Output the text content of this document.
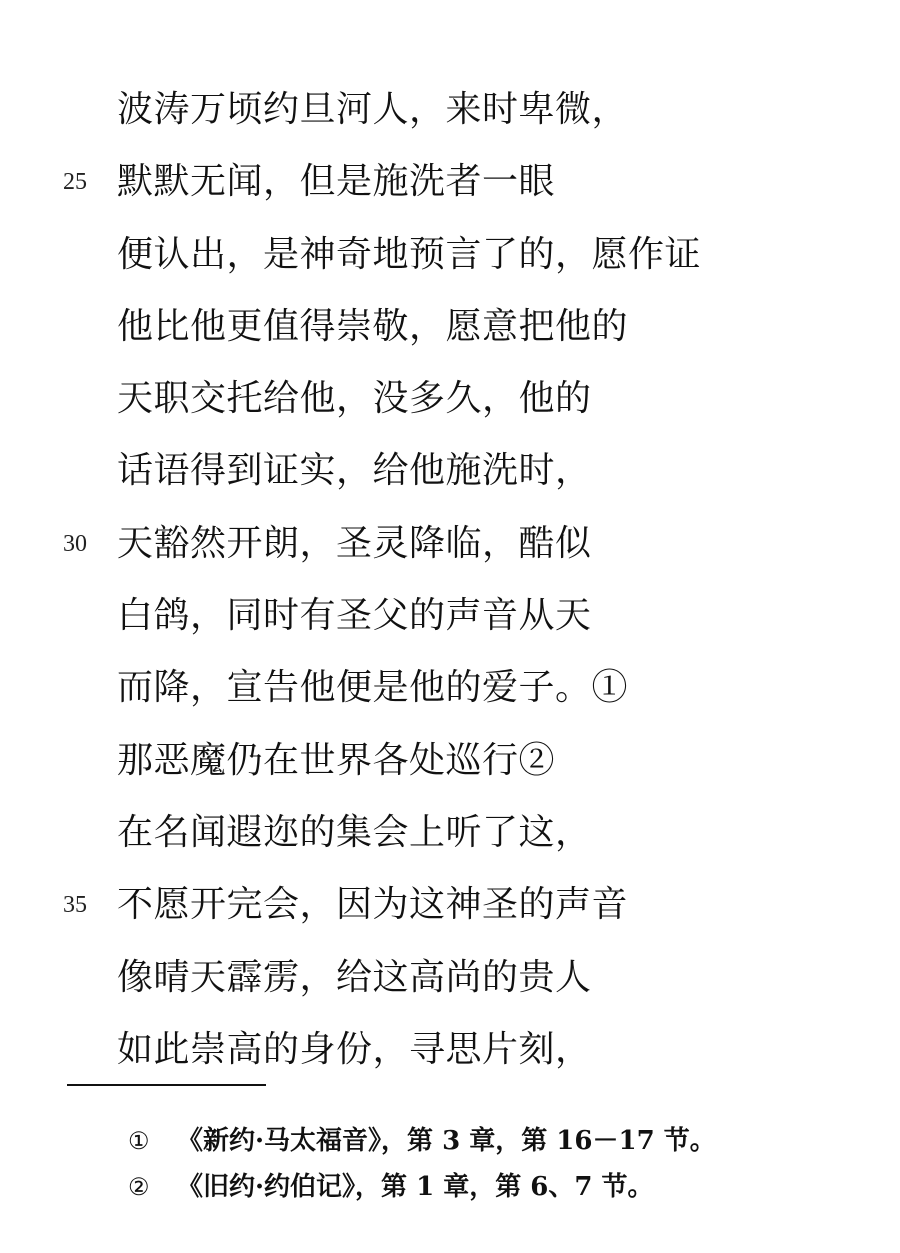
波涛万顷约旦河人，来时卑微，
25 默默无闻，但是施洗者一眼
便认出，是神奇地预言了的，愿作证
他比他更值得崇敬，愿意把他的
天职交托给他，没多久，他的
话语得到证实，给他施洗时，
30 天豁然开朗，圣灵降临，酷似
白鸽，同时有圣父的声音从天
而降，宣告他便是他的爱子。①
那恶魔仍在世界各处巡行②
在名闻遐迩的集会上听了这，
35 不愿开完会，因为这神圣的声音
像晴天霹雳，给这高尚的贵人
如此崇高的身份，寻思片刻，
① 《新约·马太福音》，第 3 章，第 16－17 节。
② 《旧约·约伯记》，第 1 章，第 6、7 节。
